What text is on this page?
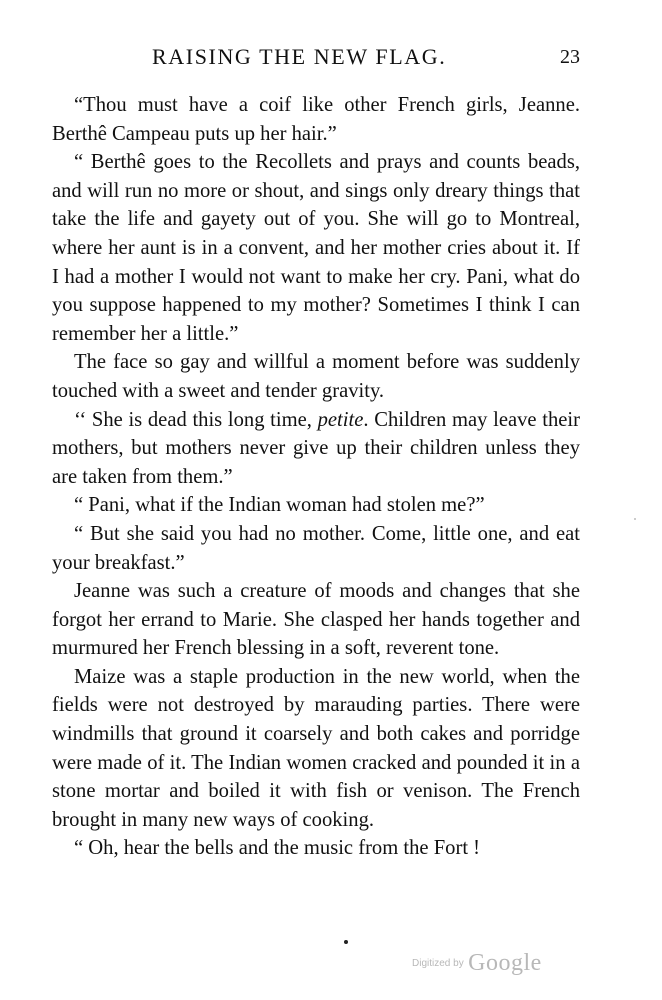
RAISING THE NEW FLAG.	23

“Thou must have a coif like other French girls, Jeanne. Berthê Campeau puts up her hair.”

“ Berthê goes to the Recollets and prays and counts beads, and will run no more or shout, and sings only dreary things that take the life and gayety out of you. She will go to Montreal, where her aunt is in a convent, and her mother cries about it. If I had a mother I would not want to make her cry. Pani, what do you suppose happened to my mother? Sometimes I think I can remember her a little.”

The face so gay and willful a moment before was suddenly touched with a sweet and tender gravity.

‘‘ She is dead this long time, petite. Children may leave their mothers, but mothers never give up their children unless they are taken from them.”

“ Pani, what if the Indian woman had stolen me?”

“ But she said you had no mother. Come, little one, and eat your breakfast.”

Jeanne was such a creature of moods and changes that she forgot her errand to Marie. She clasped her hands together and murmured her French blessing in a soft, reverent tone.

Maize was a staple production in the new world, when the fields were not destroyed by marauding parties. There were windmills that ground it coarsely and both cakes and porridge were made of it. The Indian women cracked and pounded it in a stone mortar and boiled it with fish or venison. The French brought in many new ways of cooking.

“ Oh, hear the bells and the music from the Fort !

$^{Digitized by}$ Google
